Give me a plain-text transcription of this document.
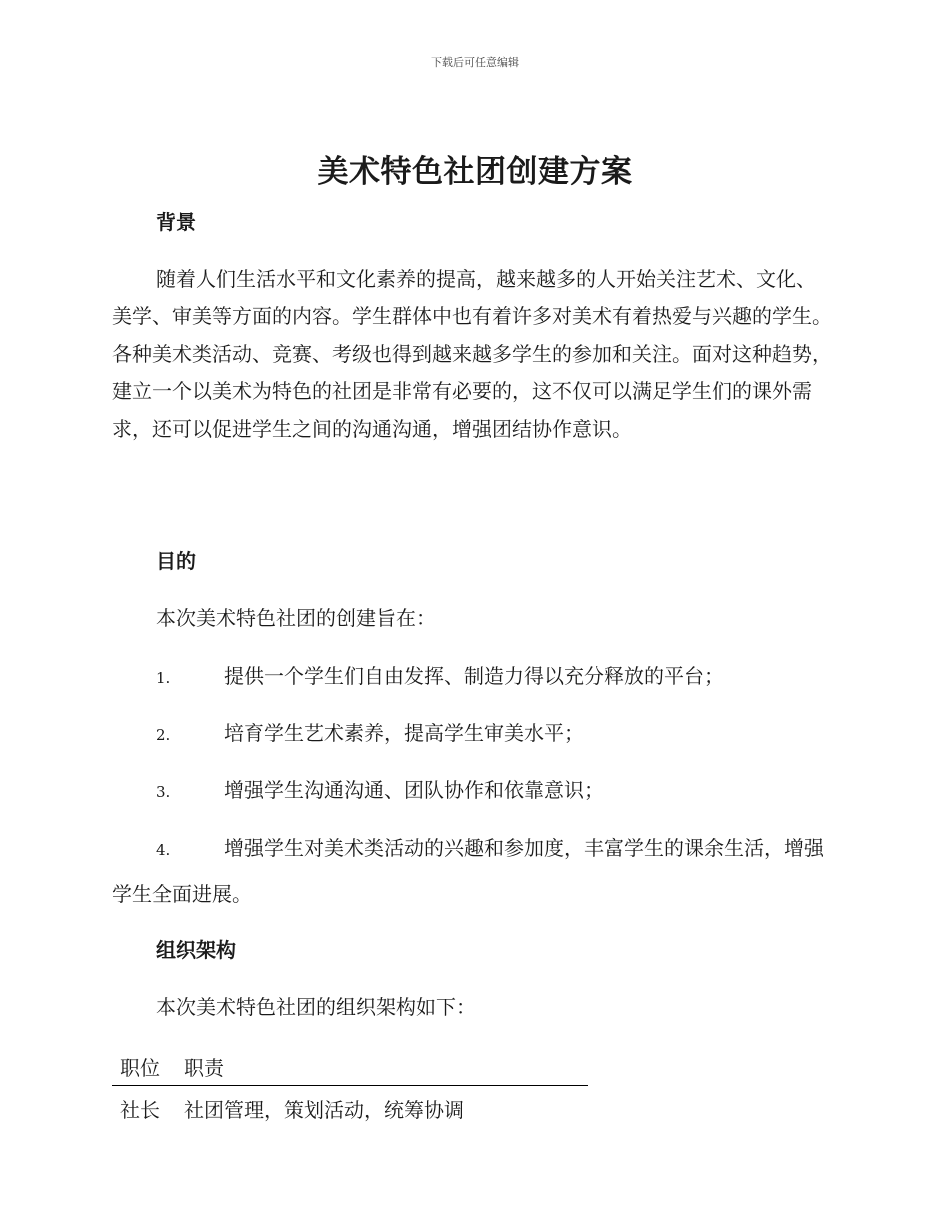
下载后可任意编辑
美术特色社团创建方案
背景

随着人们生活水平和文化素养的提高，越来越多的人开始关注艺术、文化、美学、审美等方面的内容。学生群体中也有着许多对美术有着热爱与兴趣的学生。各种美术类活动、竞赛、考级也得到越来越多学生的参加和关注。面对这种趋势，建立一个以美术为特色的社团是非常有必要的，这不仅可以满足学生们的课外需求，还可以促进学生之间的沟通沟通，增强团结协作意识。

目的

本次美术特色社团的创建旨在：

1.	提供一个学生们自由发挥、制造力得以充分释放的平台；
2.	培育学生艺术素养，提高学生审美水平；
3.	增强学生沟通沟通、团队协作和依靠意识；
4.	增强学生对美术类活动的兴趣和参加度，丰富学生的课余生活，增强学生全面进展。
组织架构

本次美术特色社团的组织架构如下：

职位	职责
社长	社团管理，策划活动，统筹协调
